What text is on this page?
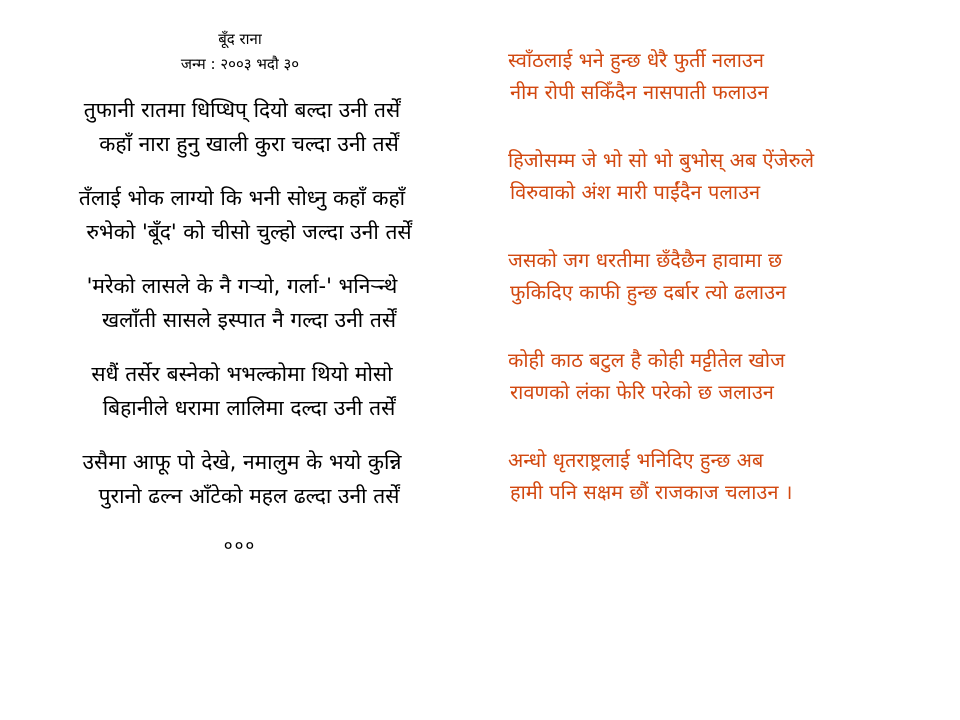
बूँद राना
जन्म : २००३ भदौ ३०
तुफानी रातमा धिप्धिप् दियो बल्दा उनी तर्सें
कहाँ नारा हुनु खाली कुरा चल्दा उनी तर्सें
तँलाई भोक लाग्यो कि भनी सोध्नु कहाँ कहाँ
रुभेको 'बूँद' को चीसो चुल्हो जल्दा उनी तर्सें
'मरेको लासले के नै गऱ्यो, गर्ला-' भनिऱ्न्थे
खलाँती सासले इस्पात नै गल्दा उनी तर्सें
सधैं तर्सेर बस्नेको भभल्कोमा थियो मोसो
बिहानीले धरामा लालिमा दल्दा उनी तर्सें
उसैमा आफू पो देखे, नमालुम के भयो कुन्नि
पुरानो ढल्न आँटेको महल ढल्दा उनी तर्सें
०००
स्वाँठलाई भने हुन्छ धेरै फुर्ती नलाउन
नीम रोपी सकिँदैन नासपाती फलाउन
हिजोसम्म जे भो सो भो बुभोस् अब ऐंजेरुले
विरुवाको अंश मारी पाईंदैन पलाउन
जसको जग धरतीमा छँदैछैन हावामा छ
फुकिदिए काफी हुन्छ दर्बार त्यो ढलाउन
कोही काठ बटुल है कोही मट्टीतेल खोज
रावणको लंका फेरि परेको छ जलाउन
अन्धो धृतराष्ट्रलाई भनिदिए हुन्छ अब
हामी पनि सक्षम छौं राजकाज चलाउन ।
